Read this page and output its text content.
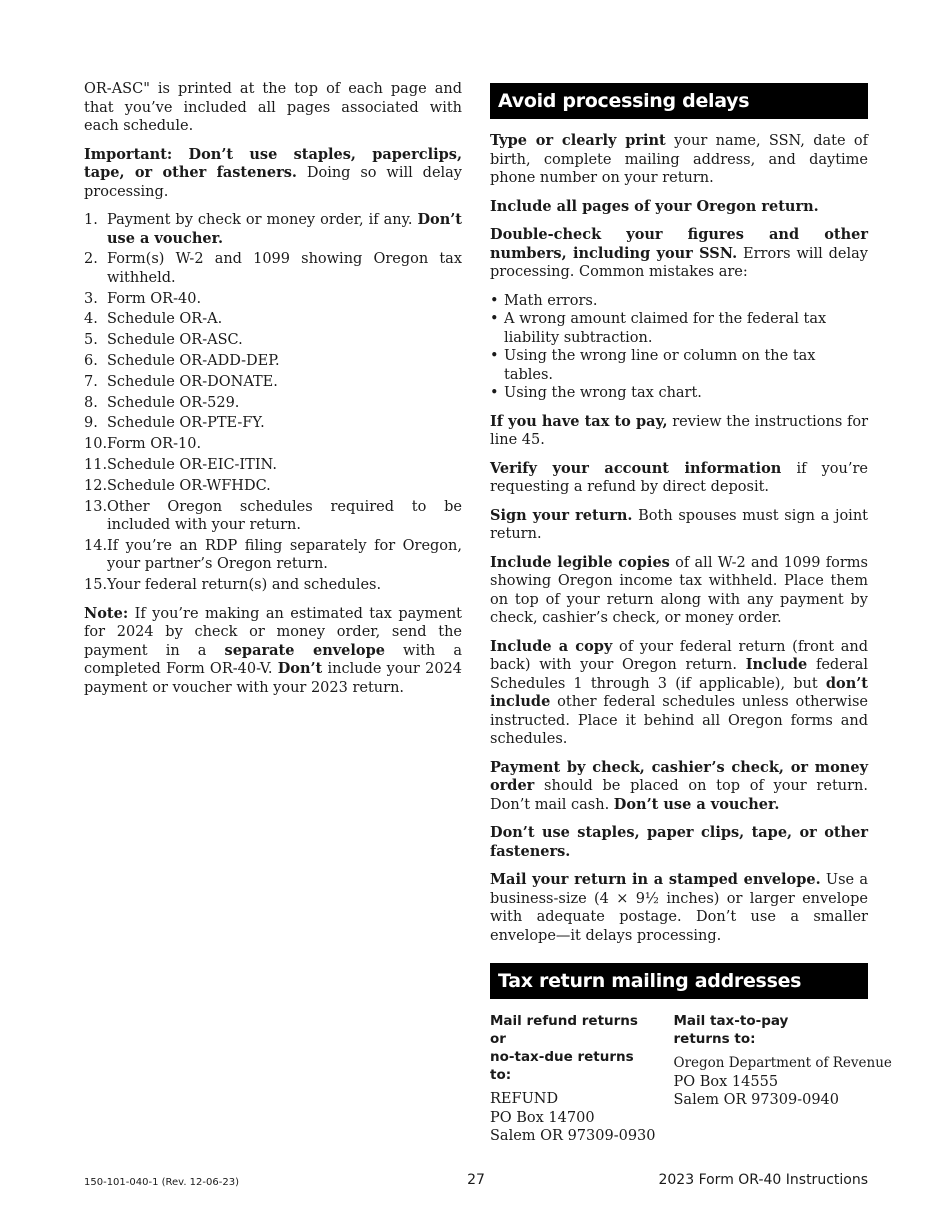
OR-ASC" is printed at the top of each page and that you’ve included all pages associated with each schedule.

Important: Don’t use staples, paperclips, tape, or other fasteners. Doing so will delay processing.

1. Payment by check or money order, if any. Don’t use a voucher.
2. Form(s) W-2 and 1099 showing Oregon tax withheld.
3. Form OR-40.
4. Schedule OR-A.
5. Schedule OR-ASC.
6. Schedule OR-ADD-DEP.
7. Schedule OR-DONATE.
8. Schedule OR-529.
9. Schedule OR-PTE-FY.
10. Form OR-10.
11. Schedule OR-EIC-ITIN.
12. Schedule OR-WFHDC.
13. Other Oregon schedules required to be included with your return.
14. If you’re an RDP filing separately for Oregon, your partner’s Oregon return.
15. Your federal return(s) and schedules.

Note: If you’re making an estimated tax payment for 2024 by check or money order, send the payment in a separate envelope with a completed Form OR-40-V. Don’t include your 2024 payment or voucher with your 2023 return.

Avoid processing delays

Type or clearly print your name, SSN, date of birth, complete mailing address, and daytime phone number on your return.

Include all pages of your Oregon return.

Double-check your figures and other numbers, including your SSN. Errors will delay processing. Common mistakes are:

• Math errors.
• A wrong amount claimed for the federal tax liability subtraction.
• Using the wrong line or column on the tax tables.
• Using the wrong tax chart.

If you have tax to pay, review the instructions for line 45.

Verify your account information if you’re requesting a refund by direct deposit.

Sign your return. Both spouses must sign a joint return.

Include legible copies of all W-2 and 1099 forms showing Oregon income tax withheld. Place them on top of your return along with any payment by check, cashier’s check, or money order.

Include a copy of your federal return (front and back) with your Oregon return. Include federal Schedules 1 through 3 (if applicable), but don’t include other federal schedules unless otherwise instructed. Place it behind all Oregon forms and schedules.

Payment by check, cashier’s check, or money order should be placed on top of your return. Don’t mail cash. Don’t use a voucher.

Don’t use staples, paper clips, tape, or other fasteners.

Mail your return in a stamped envelope. Use a business-size (4 × 9½ inches) or larger envelope with adequate postage. Don’t use a smaller envelope—it delays processing.

Tax return mailing addresses
Mail refund returns or
no-tax-due returns to:
REFUND
PO Box 14700
Salem OR 97309-0930
Mail tax-to-pay
returns to:
Oregon Department of Revenue
PO Box 14555
Salem OR 97309-0940
150-101-040-1 (Rev. 12-06-23)	27	2023 Form OR-40 Instructions
